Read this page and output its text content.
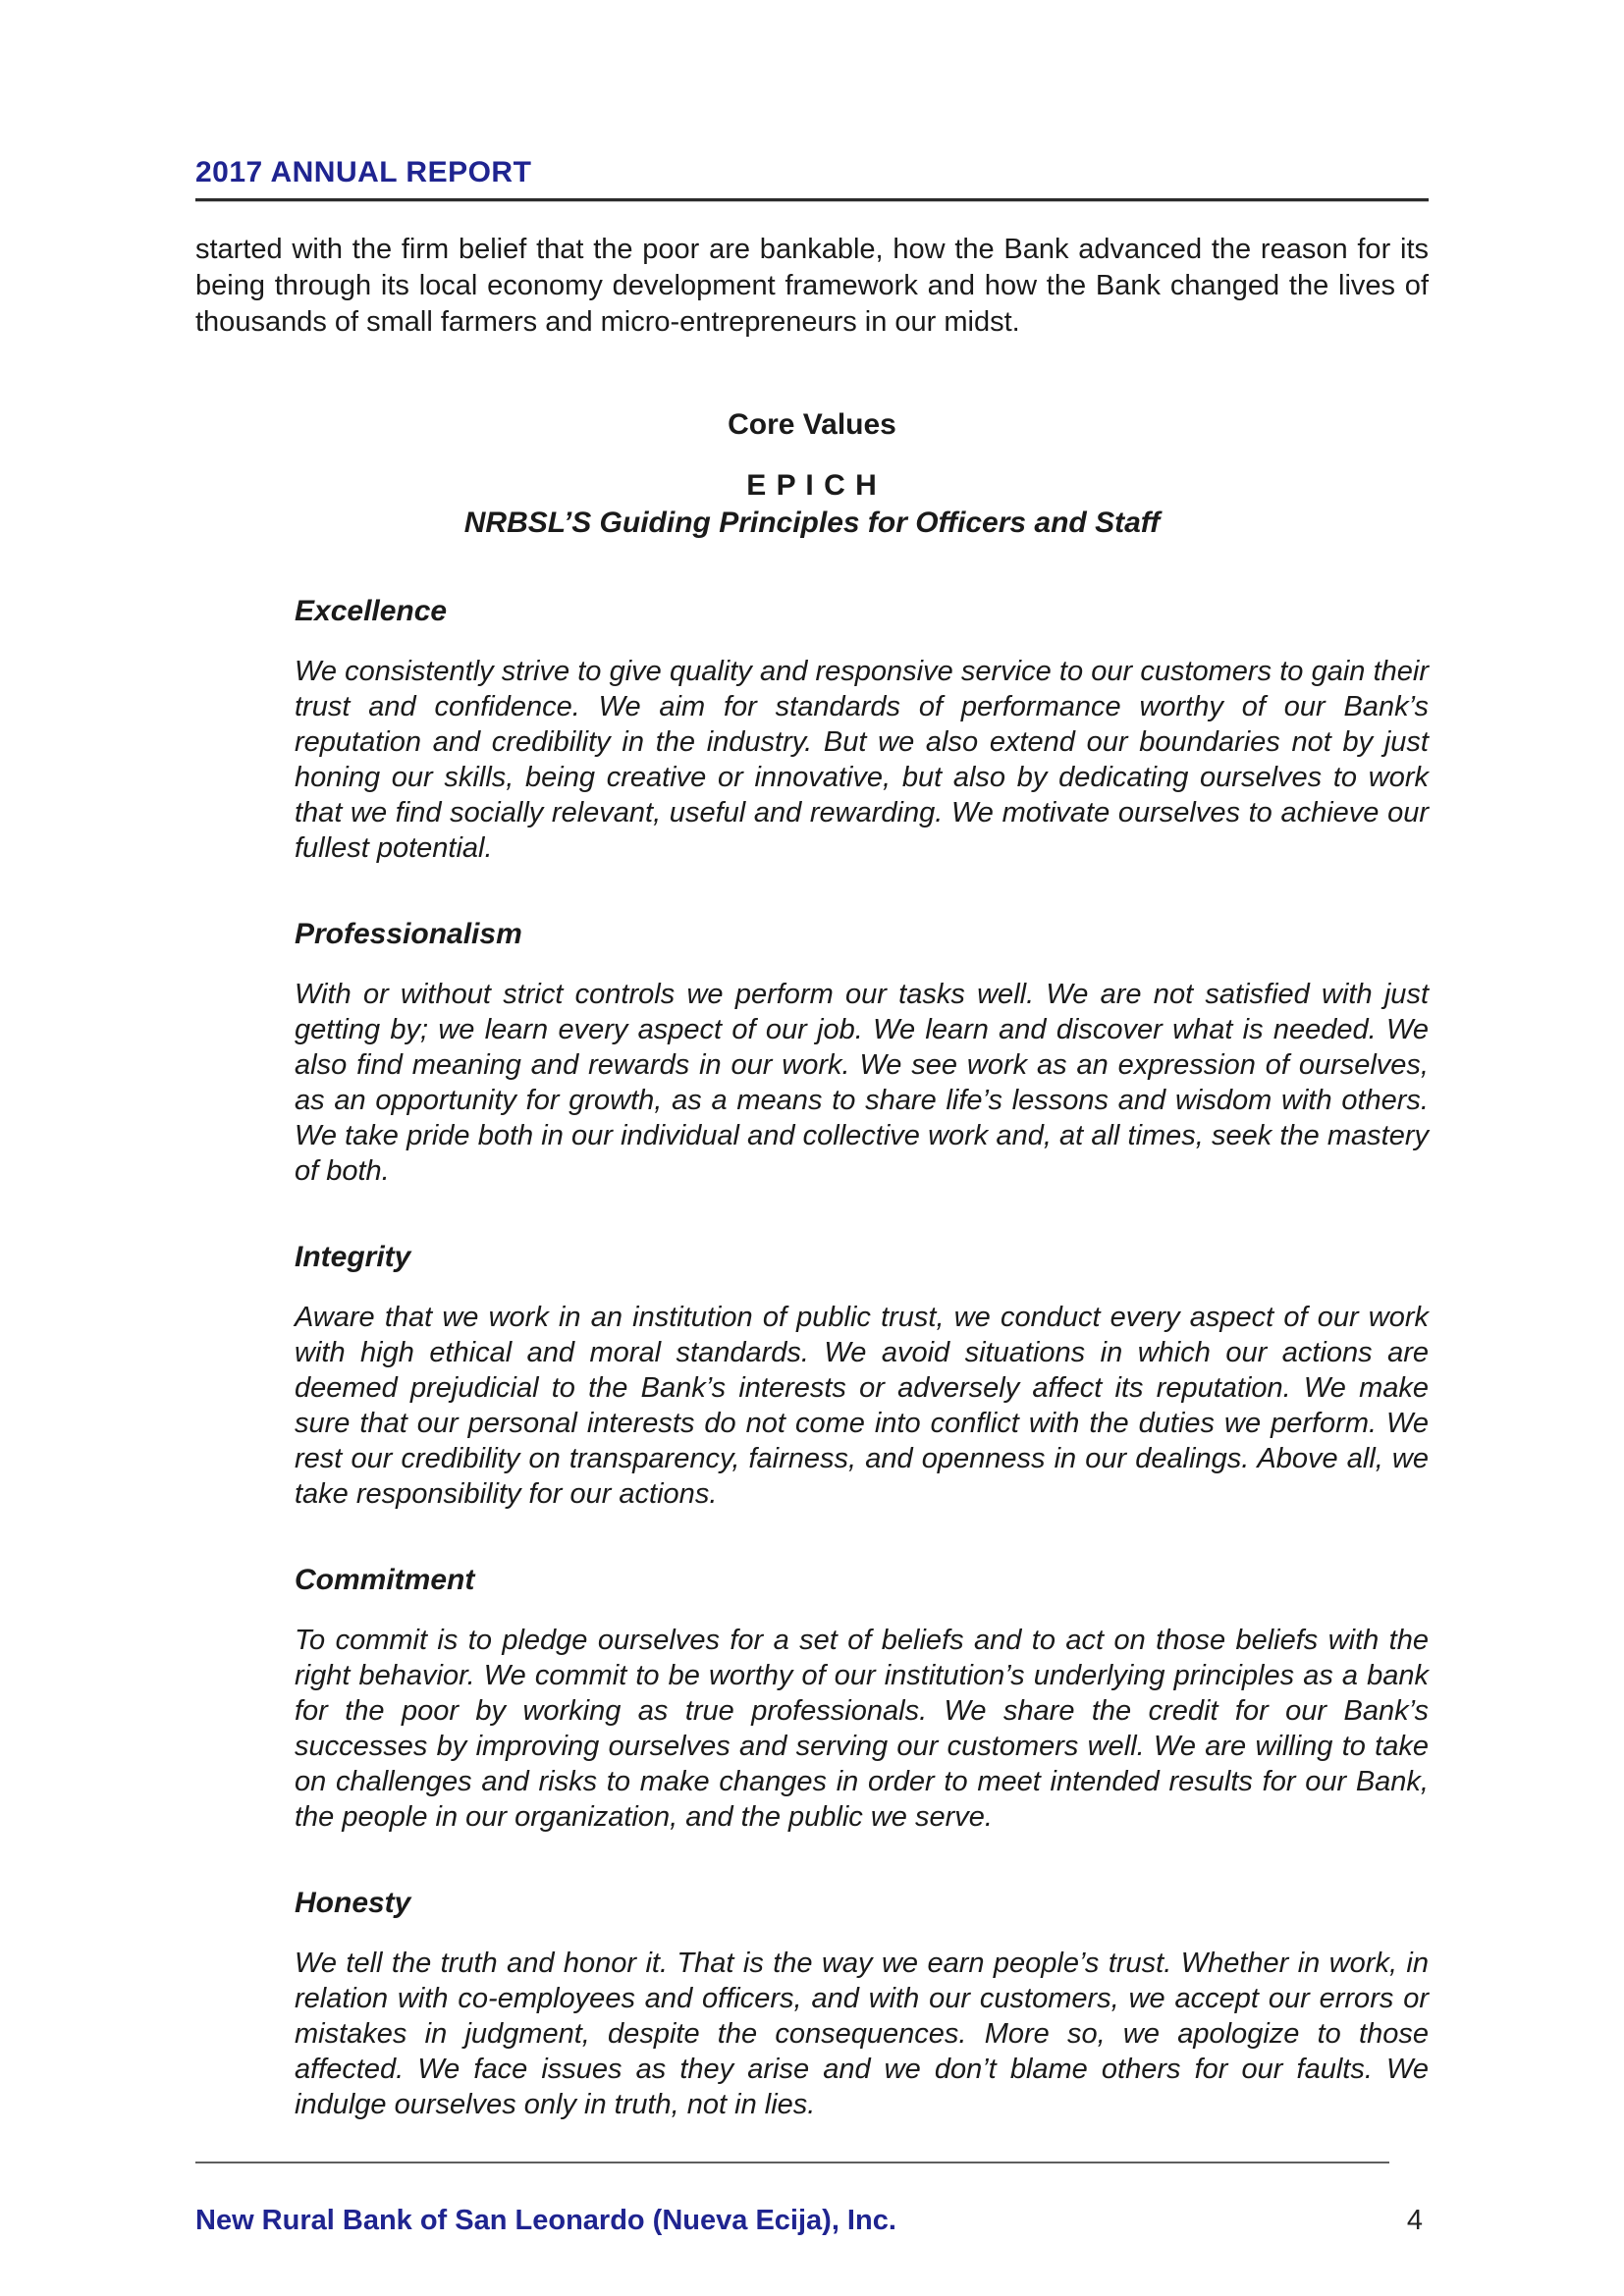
2017 ANNUAL REPORT

started with the firm belief that the poor are bankable, how the Bank advanced the reason for its being through its local economy development framework and how the Bank changed the lives of thousands of small farmers and micro-entrepreneurs in our midst.

Core Values
E P I C H
NRBSL’S Guiding Principles for Officers and Staff
Excellence

We consistently strive to give quality and responsive service to our customers to gain their trust and confidence. We aim for standards of performance worthy of our Bank’s reputation and credibility in the industry. But we also extend our boundaries not by just honing our skills, being creative or innovative, but also by dedicating ourselves to work that we find socially relevant, useful and rewarding. We motivate ourselves to achieve our fullest potential.

Professionalism

With or without strict controls we perform our tasks well. We are not satisfied with just getting by; we learn every aspect of our job. We learn and discover what is needed. We also find meaning and rewards in our work. We see work as an expression of ourselves, as an opportunity for growth, as a means to share life’s lessons and wisdom with others. We take pride both in our individual and collective work and, at all times, seek the mastery of both.

Integrity

Aware that we work in an institution of public trust, we conduct every aspect of our work with high ethical and moral standards. We avoid situations in which our actions are deemed prejudicial to the Bank’s interests or adversely affect its reputation. We make sure that our personal interests do not come into conflict with the duties we perform. We rest our credibility on transparency, fairness, and openness in our dealings. Above all, we take responsibility for our actions.

Commitment

To commit is to pledge ourselves for a set of beliefs and to act on those beliefs with the right behavior. We commit to be worthy of our institution’s underlying principles as a bank for the poor by working as true professionals. We share the credit for our Bank’s successes by improving ourselves and serving our customers well. We are willing to take on challenges and risks to make changes in order to meet intended results for our Bank, the people in our organization, and the public we serve.

Honesty

We tell the truth and honor it. That is the way we earn people’s trust. Whether in work, in relation with co-employees and officers, and with our customers, we accept our errors or mistakes in judgment, despite the consequences. More so, we apologize to those affected. We face issues as they arise and we don’t blame others for our faults. We indulge ourselves only in truth, not in lies.

New Rural Bank of San Leonardo (Nueva Ecija), Inc.	4
